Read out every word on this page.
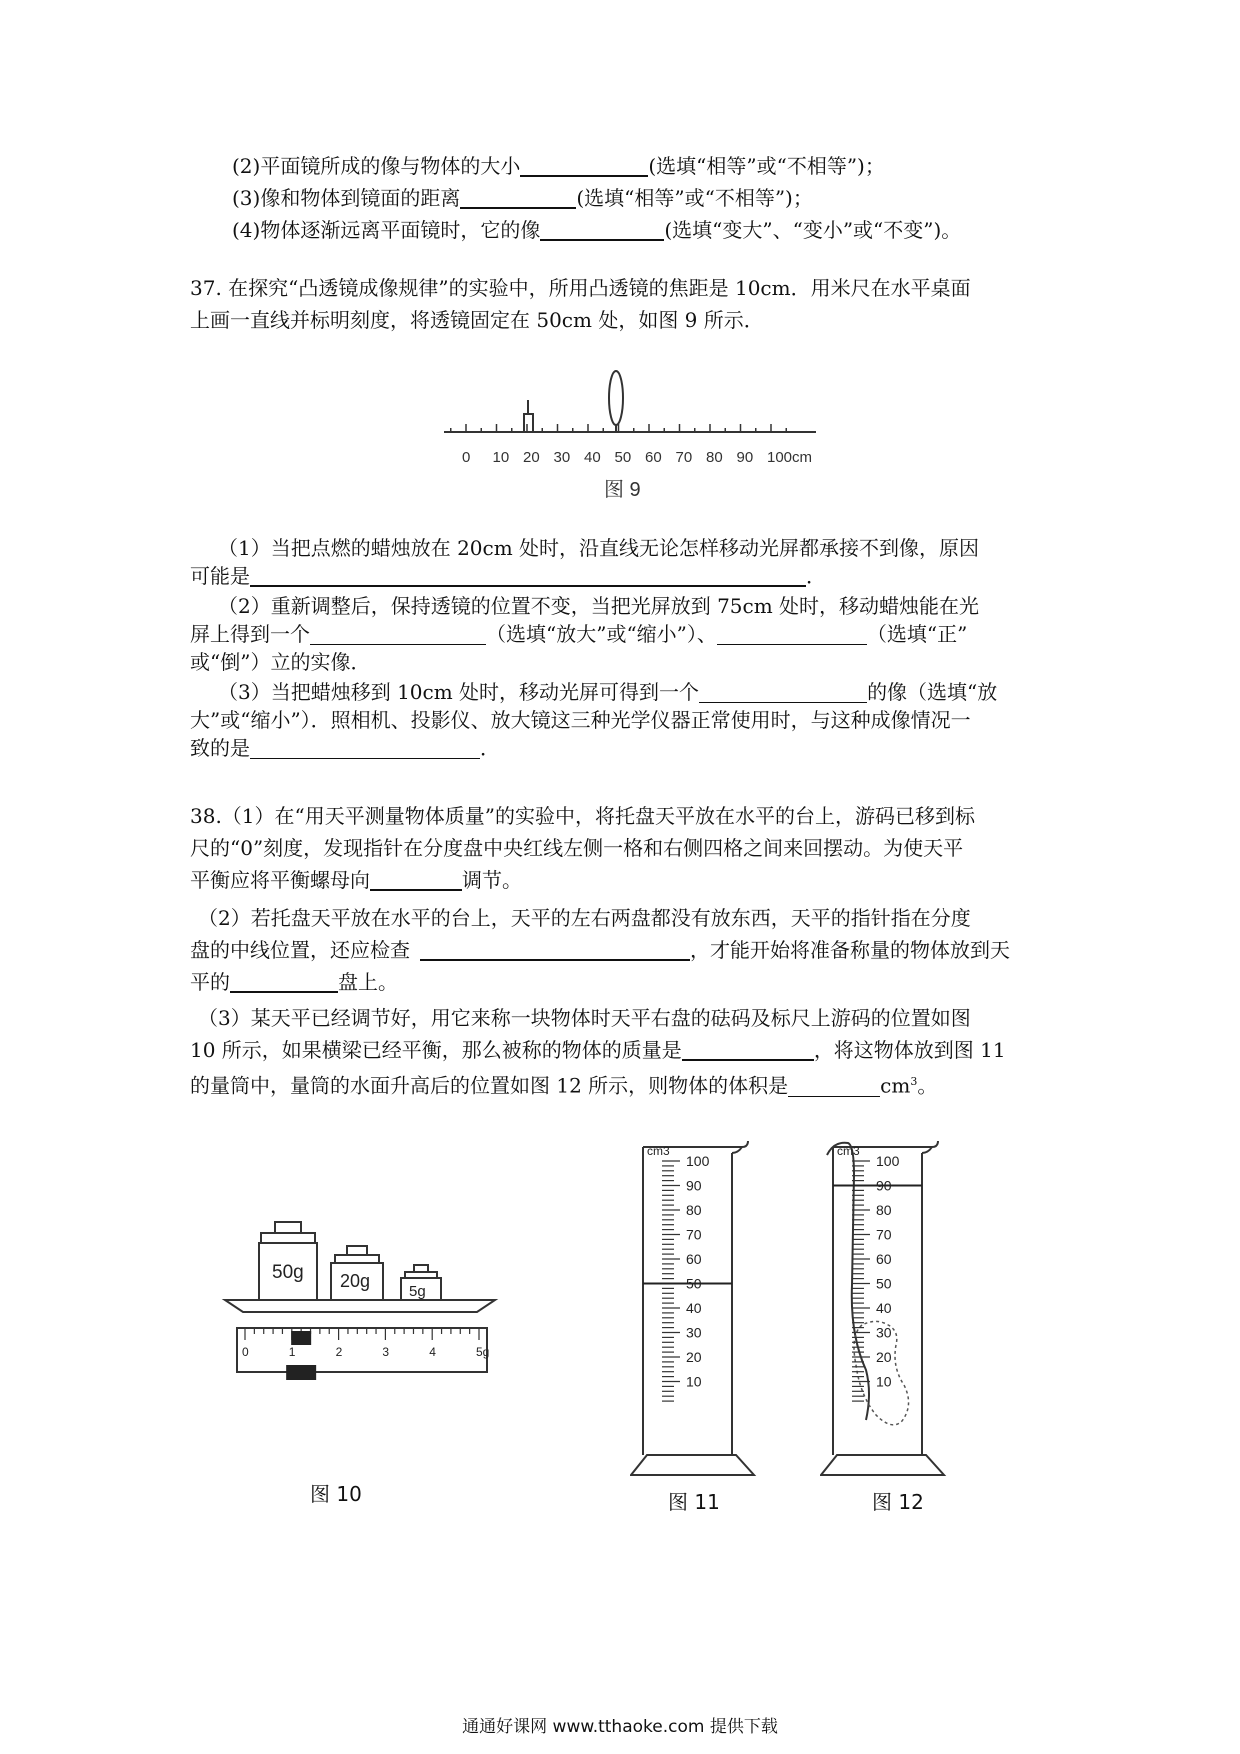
(2)平面镜所成的像与物体的大小	(选填“相等”或“不相等”)；
(3)像和物体到镜面的距离	(选填“相等”或“不相等”)；
(4)物体逐渐远离平面镜时，它的像	(选填“变大”、“变小”或“不变”)。
37. 在探究“凸透镜成像规律”的实验中，所用凸透镜的焦距是 10cm．用米尺在水平桌面
上画一直线并标明刻度，将透镜固定在 50cm 处，如图 9 所示．
0 10 20 30 40 50 60 70 80 90 100cm
图 9
（1）当把点燃的蜡烛放在 20cm 处时，沿直线无论怎样移动光屏都承接不到像，原因
可能是	．
（2）重新调整后，保持透镜的位置不变，当把光屏放到 75cm 处时，移动蜡烛能在光
屏上得到一个	（选填“放大”或“缩小”）、	（选填“正”
或“倒”）立的实像．
（3）当把蜡烛移到 10cm 处时，移动光屏可得到一个	的像（选填“放
大”或“缩小”）．照相机、投影仪、放大镜这三种光学仪器正常使用时，与这种成像情况一
致的是	．
38.（1）在“用天平测量物体质量”的实验中，将托盘天平放在水平的台上，游码已移到标
尺的“0”刻度，发现指针在分度盘中央红线左侧一格和右侧四格之间来回摆动。为使天平
平衡应将平衡螺母向	调节。
（2）若托盘天平放在水平的台上，天平的左右两盘都没有放东西，天平的指针指在分度
盘的中线位置，还应检查	，才能开始将准备称量的物体放到天
平的	盘上。
（3）某天平已经调节好，用它来称一块物体时天平右盘的砝码及标尺上游码的位置如图
10 所示，如果横梁已经平衡，那么被称的物体的质量是	，将这物体放到图 11
的量筒中，量筒的水面升高后的位置如图 12 所示，则物体的体积是	$cm^3$。
50g 20g
5g
0	1	2	3	4	5g
图 10
cm3
100
90
80
70
60
50
40
30
20
10
图 11
cm3
100
90
80
70
60
50
40
30
20
10
图 12
通通好课网 www.tthaoke.com 提供下载
